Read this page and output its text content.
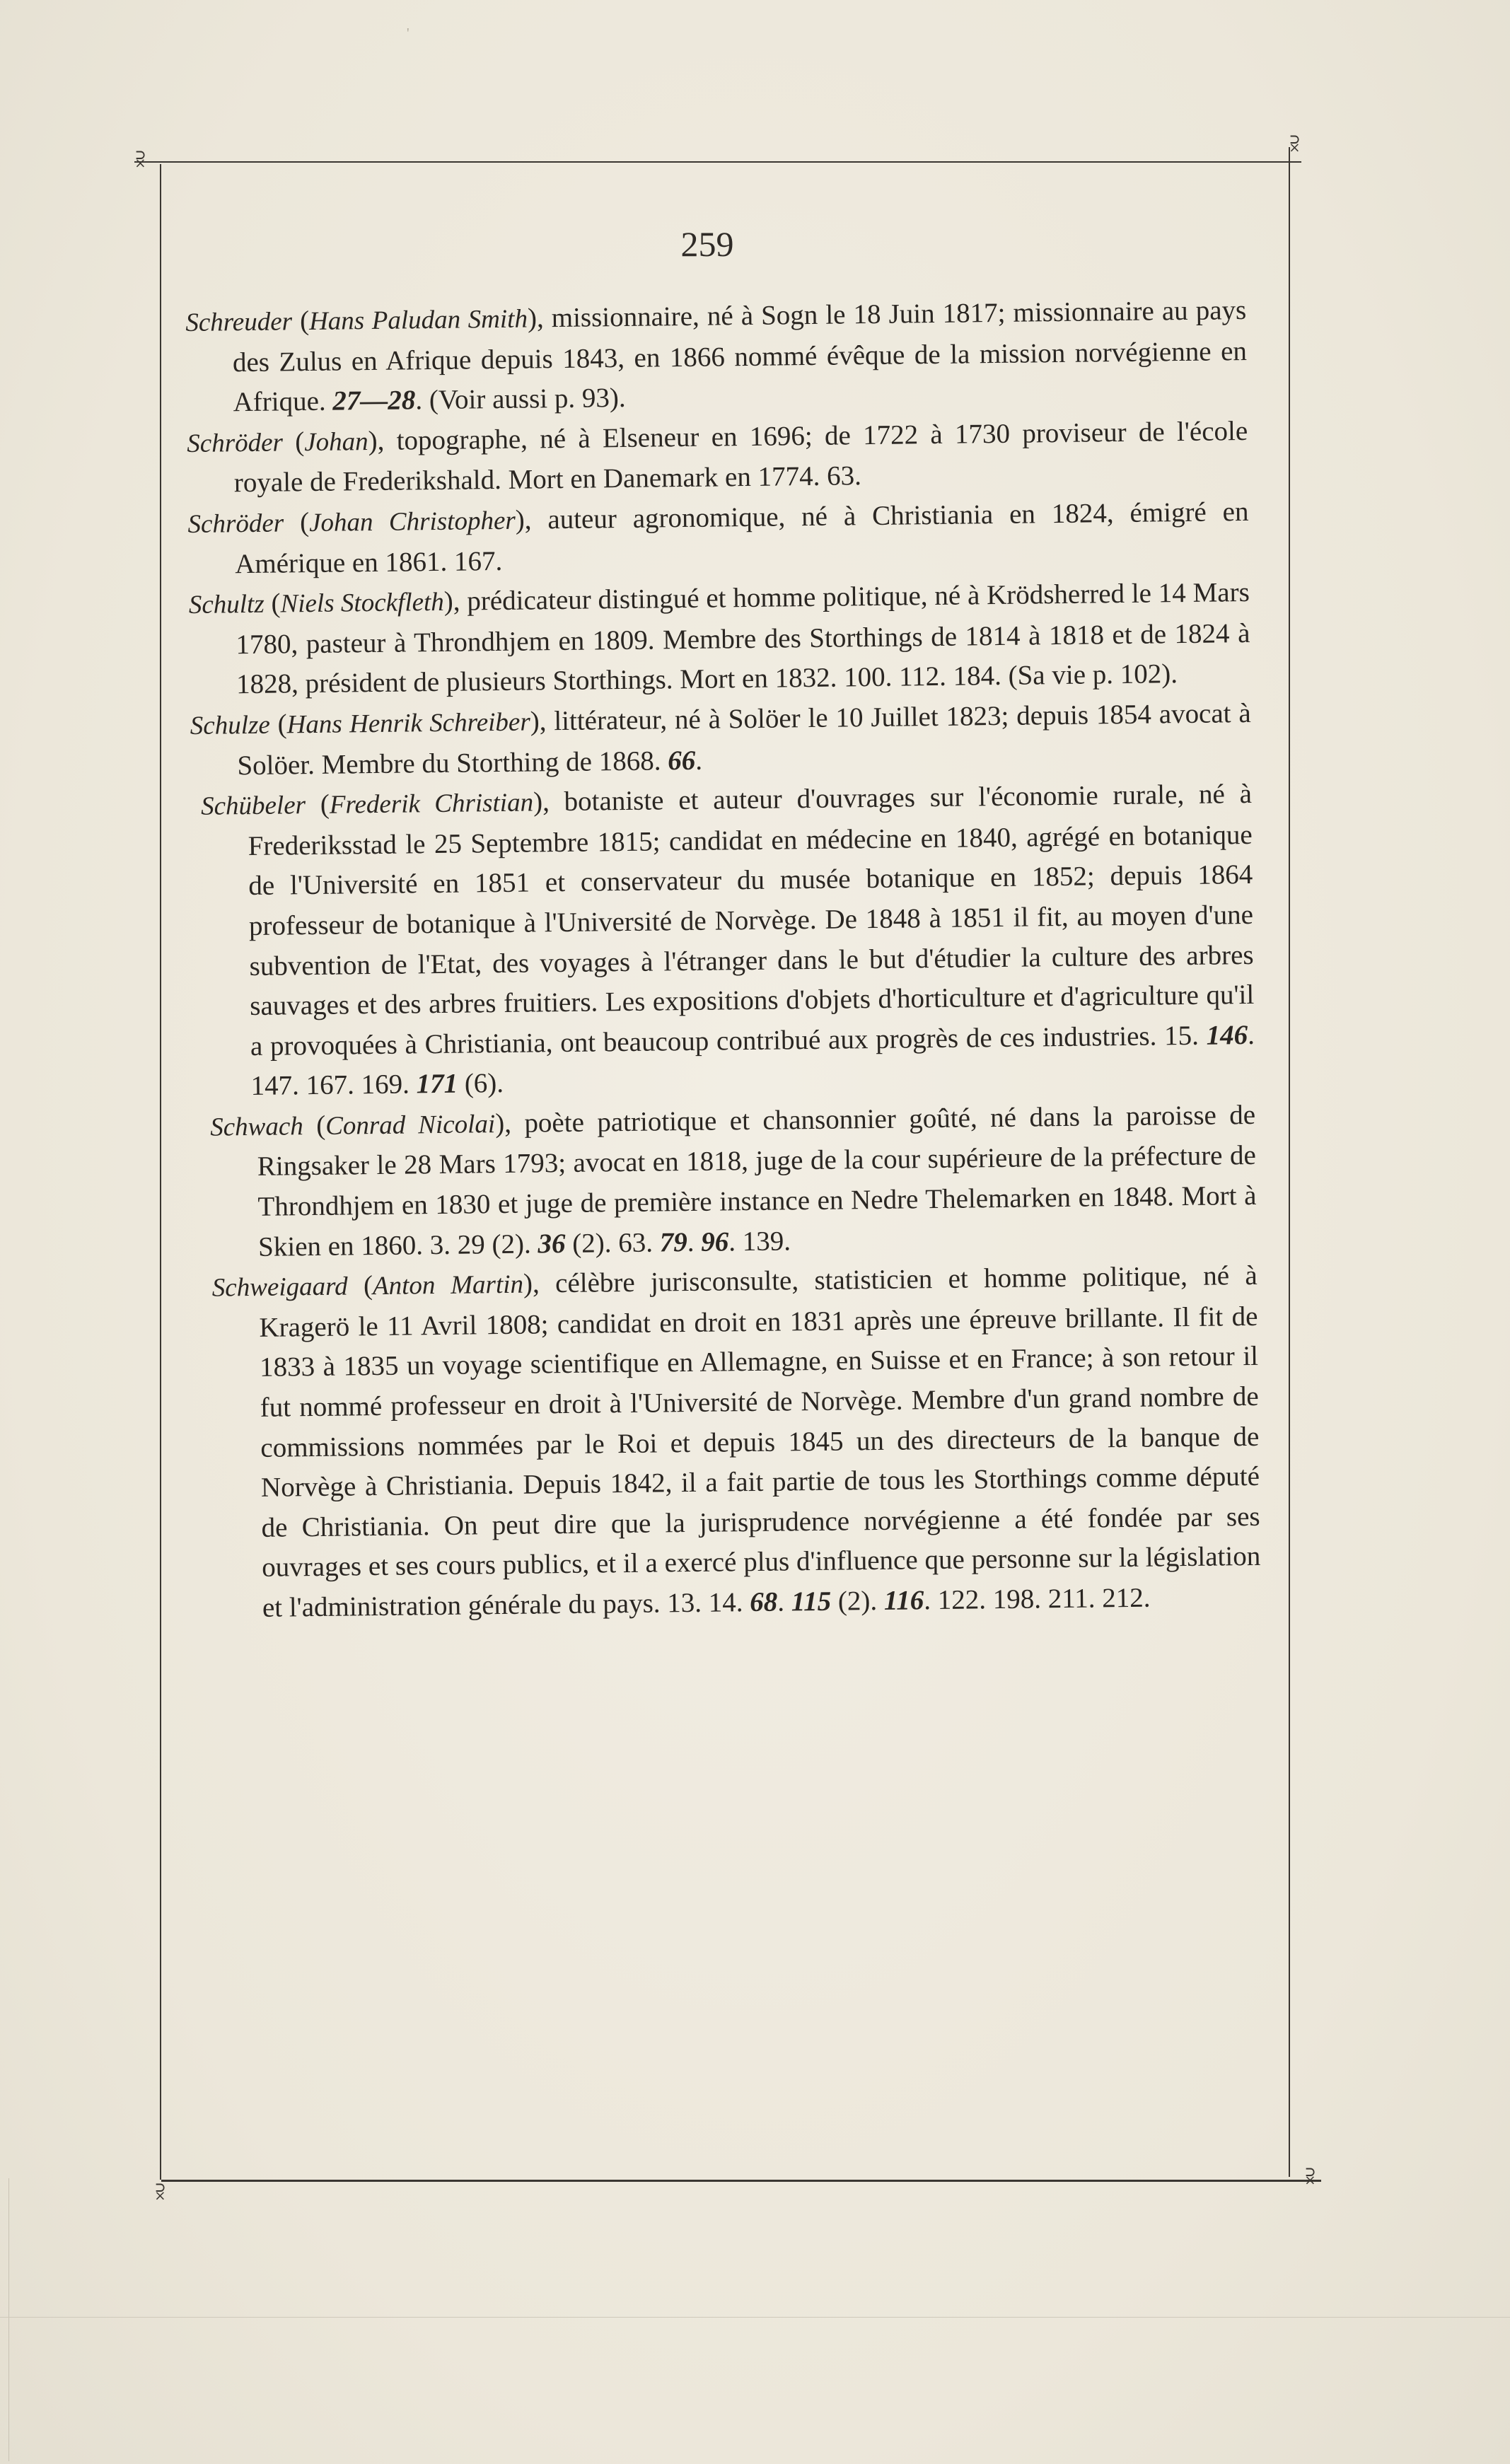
'
⫂
⫂
⫂
⫂
259

Schreuder (Hans Paludan Smith), missionnaire, né à Sogn le 18 Juin 1817; missionnaire au pays des Zulus en Afrique depuis 1843, en 1866 nommé évêque de la mission norvégienne en Afrique. 27—28. (Voir aussi p. 93).

Schröder (Johan), topographe, né à Elseneur en 1696; de 1722 à 1730 proviseur de l'école royale de Frederikshald. Mort en Danemark en 1774. 63.

Schröder (Johan Christopher), auteur agronomique, né à Christiania en 1824, émigré en Amérique en 1861. 167.

Schultz (Niels Stockfleth), prédicateur distingué et homme politique, né à Krödsherred le 14 Mars 1780, pasteur à Throndhjem en 1809. Membre des Storthings de 1814 à 1818 et de 1824 à 1828, président de plusieurs Storthings. Mort en 1832. 100. 112. 184. (Sa vie p. 102).

Schulze (Hans Henrik Schreiber), littérateur, né à Solöer le 10 Juillet 1823; depuis 1854 avocat à Solöer. Membre du Storthing de 1868. 66.

Schübeler (Frederik Christian), botaniste et auteur d'ouvrages sur l'économie rurale, né à Frederiksstad le 25 Septembre 1815; candidat en médecine en 1840, agrégé en botanique de l'Université en 1851 et conservateur du musée botanique en 1852; depuis 1864 professeur de botanique à l'Université de Norvège. De 1848 à 1851 il fit, au moyen d'une subvention de l'Etat, des voyages à l'étranger dans le but d'étudier la culture des arbres sauvages et des arbres fruitiers. Les expositions d'objets d'horticulture et d'agriculture qu'il a provoquées à Christiania, ont beaucoup contribué aux progrès de ces industries. 15. 146. 147. 167. 169. 171 (6).

Schwach (Conrad Nicolai), poète patriotique et chansonnier goûté, né dans la paroisse de Ringsaker le 28 Mars 1793; avocat en 1818, juge de la cour supérieure de la préfecture de Throndhjem en 1830 et juge de première instance en Nedre Thelemarken en 1848. Mort à Skien en 1860. 3. 29 (2). 36 (2). 63. 79. 96. 139.

Schweigaard (Anton Martin), célèbre jurisconsulte, statisticien et homme politique, né à Kragerö le 11 Avril 1808; candidat en droit en 1831 après une épreuve brillante. Il fit de 1833 à 1835 un voyage scientifique en Allemagne, en Suisse et en France; à son retour il fut nommé professeur en droit à l'Université de Norvège. Membre d'un grand nombre de commissions nommées par le Roi et depuis 1845 un des directeurs de la banque de Norvège à Christiania. Depuis 1842, il a fait partie de tous les Storthings comme député de Christiania. On peut dire que la jurisprudence norvégienne a été fondée par ses ouvrages et ses cours publics, et il a exercé plus d'influence que personne sur la législation et l'administration générale du pays. 13. 14. 68. 115 (2). 116. 122. 198. 211. 212.
